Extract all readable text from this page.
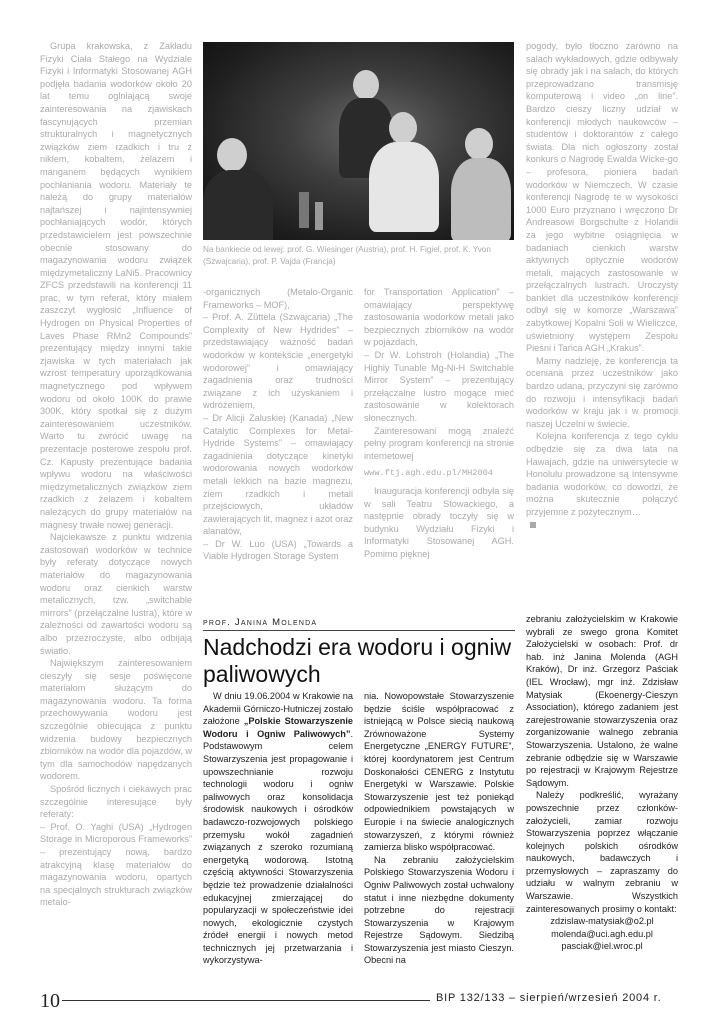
Grupa krakowska, z Zakładu Fizyki Ciała Stałego na Wydziale Fizyki i Informatyki Stosowanej AGH podjęła badania wodorków około 20 lat temu oglniającą swoje zainteresowania na zjawiskach fascynujących przemian strukturalnych i magnetycznych związków ziem rzadkich i tru z niklem, kobaltem, żelazem i manganem będących wynikiem pochłaniania wodoru. Materiały te należą do grupy materiałów najtańszej i najintensywniej pochłaniających wodór, których przedstawicielem jest powszechnie obecnie stosowany do magazynowania wodoru związek międzymetaliczny LaNi5. Pracownicy ZFCS przedstawili na konferencji 11 prac, w tym referat, który miałem zaszczyt wygłosić „Influence of Hydrogen on Physical Properties of Laves Phase RMn2 Compounds” prezentujący między innymi takie zjawiska w tych materiałach jak wzrost temperatury uporządkowania magnetycznego pod wpływem wodoru od około 100K do prawie 300K, który spotkał się z dużym zainteresowaniem uczestników. Warto tu zwrócić uwagę na prezentacje posterowe zespołu prof. Cz. Kapusty prezentujące badania wpływu wodoru na właściwości międzymetalicznych związków ziem rzadkich z żelazem i kobaltem należących do grupy materiałów na magnesy trwałe nowej generacji.

Najciekawsze z punktu widzenia zastosowań wodorków w technice były referaty dotyczące nowych materiałów do magazynowania wodoru oraz cienkich warstw metalicznych, tzw. „switchable mirrors” (przełączalne lustra), które w zależności od zawartości wodoru są albo przezroczyste, albo odbijają światło.

Największym zainteresowaniem cieszyły się sesje poświęcone materiałom służącym do magazynowania wodoru. Ta forma przechowywania wodoru jest szczególnie obiecująca z punktu widzenia budowy bezpiecznych zbiorników na wodór dla pojazdów, w tym dla samochodów napędzanych wodorem.

Spośród licznych i ciekawych prac szczególnie interesujące były referaty:

– Prof. O. Yaghi (USA) „Hydrogen Storage in Microporous Frameworks” – prezentujący nową, bardzo atrakcyjną klasę materiałów do magazynowania wodoru, opartych na specjalnych strukturach związków metalo-

Na bankiecie od lewej: prof. G. Wiesinger (Austria), prof. H. Figiel, prof. K. Yvon (Szwajcaria), prof. P. Vajda (Francja)

-organicznych (Metalo-Organic Frameworks – MOF),

– Prof. A. Züttela (Szwajcaria) „The Complexity of New Hydrides” – przedstawiający ważność badań wodorków w kontekście „energetyki wodorowej” i omawiający zagadnienia oraz trudności związane z ich użyskaniem i wdrożeniem,

– Dr Alicji Zaluskiej (Kanada) „New Catalytic Complexes for Metal-Hydride Systems” – omawiający zagadnienia dotyczące kinetyki wodorowania nowych wodorków metali lekkich na bazie magnezu, ziem rzadkich i metali przejściowych, układów zawierających lit, magnez i azot oraz alanatów,

– Dr W. Luo (USA) „Towards a Viable Hydrogen Storage System

for Transportation Application” – omawiający perspektywę zastosowania wodorków metali jako bezpiecznych zbiorników na wodór w pojazdach,

– Dr W. Lohstroh (Holandia) „The Highly Tunable Mg-Ni-H Switchable Mirror System” – prezentujący przełączalne lustro mogące mieć zastosowanie w kolektorach słonecznych.

Zainteresowani mogą znaleźć pełny program konferencji na stronie internetowej

www.ftj.agh.edu.pl/MH2004

Inauguracja konferencji odbyła się w sali Teatru Stowackiego, a następnie obrady toczyły się w budynku Wydziału Fizyki i Informatyki Stosowanej AGH. Pomimo pięknej

pogody, było tłoczno zarówno na salach wykładowych, gdzie odbywały się obrady jak i na salach, do których przeprowadzano transmisję komputerową i video „on line”. Bardzo cieszy liczny udział w konferencji młodych naukowców – studentów i doktorantów z całego świata. Dla nich ogłoszony został konkurs o Nagrodę Ewalda Wicke-go – profesora, pioniera badań wodorków w Niemczech. W czasie konferencji Nagrodę te w wysokości 1000 Euro przyznano i wręczono Dr Andreasowi Borgschulte z Holandii za jego wybitne osiągnięcia w badaniach cienkich warstw aktywnych optycznie wodorów metali, mających zastosowanie w przełączalnych lustrach. Uroczysty bankiet dla uczestników konferencji odbył się w komorze „Warszawa” zabytkowej Kopalni Soli w Wieliczce, uświetniony występem Zespołu Pieśni i Tańca AGH „Krakus”.

Mamy nadzieję, że konferencja ta oceniana przez uczestników jako bardzo udana, przyczyni się zarówno do rozwoju i intensyfikacji badań wodorków w kraju jak i w promocji naszej Uczelni w świecie.

Kolejna konferencja z tego cyklu odbędzie się za dwa lata na Hawajach, gdzie na uniwersytecie w Honolulu prowadzone są intensywne badania wodorków, co dowodzi, że można skutecznie połączyć przyjemne z pożytecznym…

prof. Janina Molenda
Nadchodzi era wodoru i ogniw paliwowych

W dniu 19.06.2004 w Krakowie na Akademii Górniczo-Hutniczej zostało założone „Polskie Stowarzyszenie Wodoru i Ogniw Paliwowych”. Podstawowym celem Stowarzyszenia jest propagowanie i upowszechnianie rozwoju technologii wodoru i ogniw paliwowych oraz konsolidacja środowisk naukowych i ośrodków badawczo-rozwojowych polskiego przemysłu wokół zagadnień związanych z szeroko rozumianą energetyką wodorową. Istotną częścią aktywności Stowarzyszenia będzie też prowadzenie działalności edukacyjnej zmierzającej do popularyzacji w społeczeństwie idei nowych, ekologicznie czystych źródeł energii i nowych metod technicznych jej przetwarzania i wykorzystywa-

nia. Nowopowstałe Stowarzyszenie będzie ściśle współpracować z istniejącą w Polsce siecią naukową Zrównoważone Systemy Energetyczne „ENERGY FUTURE”, której koordynatorem jest Centrum Doskonałości CENERG z Instytutu Energetyki w Warszawie. Polskie Stowarzyszenie jest też poniekąd odpowiednikiem powstających w Europie i na świecie analogicznych stowarzyszeń, z którymi również zamierza blisko współpracować.

Na zebraniu założycielskim Polskiego Stowarzyszenia Wodoru i Ogniw Paliwowych został uchwalony statut i inne niezbędne dokumenty potrzebne do rejestracji Stowarzyszenia w Krajowym Rejestrze Sądowym. Siedzibą Stowarzyszenia jest miasto Cieszyn. Obecni na

zebraniu założycielskim w Krakowie wybrali ze swego grona Komitet Założycielski w osobach: Prof. dr hab. inż Janina Molenda (AGH Kraków), Dr inż. Grzegorz Paściak (IEL Wrocław), mgr inż. Zdzisław Matysiak (Ekoenergy-Cieszyn Association), którego zadaniem jest zarejestrowanie stowarzyszenia oraz zorganizowanie walnego zebrania Stowarzyszenia. Ustalono, że walne zebranie odbędzie się w Warszawie po rejestracji w Krajowym Rejestrze Sądowym.

Należy podkreślić, wyrażany powszechnie przez członków-założycieli, zamiar rozwoju Stowarzyszenia poprzez włączanie kolejnych polskich ośrodków naukowych, badawczych i przemysłowych – zapraszamy do udziału w walnym zebraniu w Warszawie. Wszystkich zainteresowanych prosimy o kontakt:

zdzislaw-matysiak@o2.pl
molenda@uci.agh.edu.pl
pasciak@iel.wroc.pl
10	BIP 132/133 – sierpień/wrzesień 2004 r.
